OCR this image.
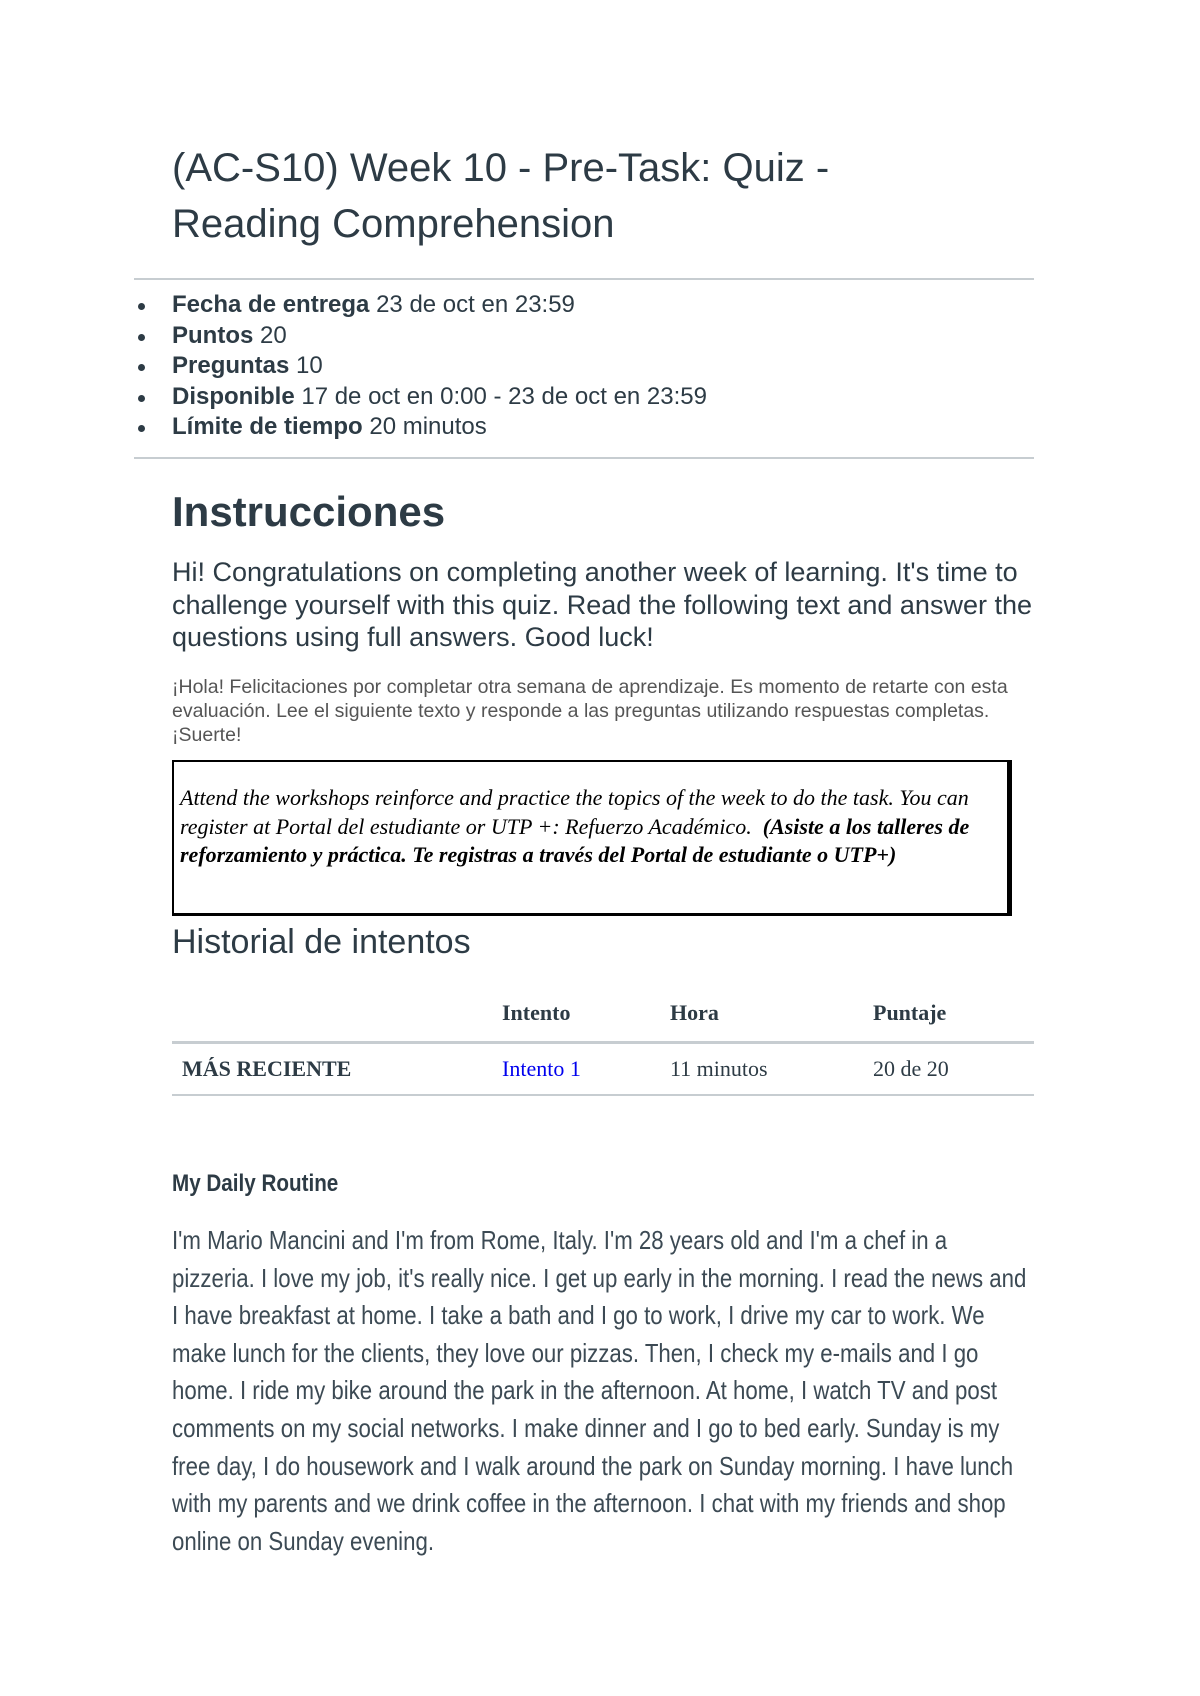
(AC-S10) Week 10 - Pre-Task: Quiz -
Reading Comprehension
Fecha de entrega 23 de oct en 23:59
Puntos 20
Preguntas 10
Disponible 17 de oct en 0:00 - 23 de oct en 23:59
Límite de tiempo 20 minutos
Instrucciones

Hi! Congratulations on completing another week of learning. It's time to challenge yourself with this quiz. Read the following text and answer the questions using full answers. Good luck!

¡Hola! Felicitaciones por completar otra semana de aprendizaje. Es momento de retarte con esta evaluación. Lee el siguiente texto y responde a las preguntas utilizando respuestas completas. ¡Suerte!

Attend the workshops reinforce and practice the topics of the week to do the task. You can register at Portal del estudiante or UTP +: Refuerzo Académico. (Asiste a los talleres de reforzamiento y práctica. Te registras a través del Portal de estudiante o UTP+)
Historial de intentos
	Intento	Hora	Puntaje
MÁS RECIENTE	Intento 1	11 minutos	20 de 20
My Daily Routine

I'm Mario Mancini and I'm from Rome, Italy. I'm 28 years old and I'm a chef in a pizzeria. I love my job, it's really nice. I get up early in the morning. I read the news and I have breakfast at home. I take a bath and I go to work, I drive my car to work. We make lunch for the clients, they love our pizzas. Then, I check my e-mails and I go home. I ride my bike around the park in the afternoon. At home, I watch TV and post comments on my social networks. I make dinner and I go to bed early. Sunday is my free day, I do housework and I walk around the park on Sunday morning. I have lunch with my parents and we drink coffee in the afternoon. I chat with my friends and shop online on Sunday evening.
